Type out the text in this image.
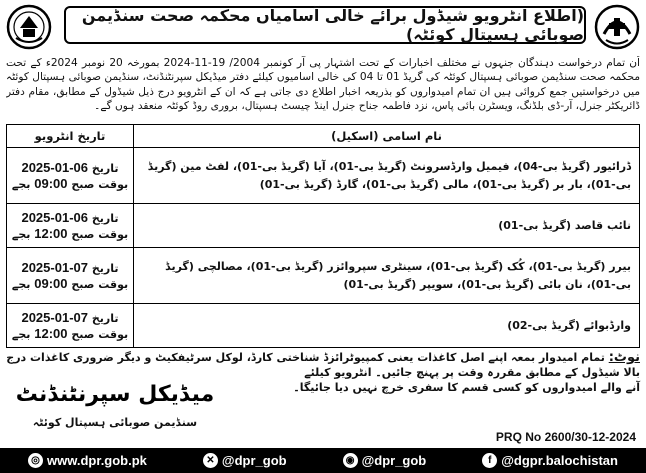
(اطلاع انٹرویو شیڈول برائے خالی آسامیاں محکمہ صحت سنڈیمن صوبائی ہسپتال کوئٹہ)
اُن تمام درخواست دہندگان جنہوں نے مختلف اخبارات کے تحت اشتہار پی آر کونمبر 2004/ 19-11-2024 بمورخہ 20 نومبر 2024ء کے تحت محکمہ صحت سنڈیمن صوبائی ہسپتال کوئٹہ کی گریڈ 01 تا 04 کی خالی اسامیوں کیلئے دفتر میڈیکل سپرنٹنڈنٹ، سنڈیمن صوبائی ہسپتال کوئٹہ میں درخواستیں جمع کروائی ہیں ان تمام امیدواروں کو بذریعہ اخبار اطلاع دی جاتی ہے کہ ان کے انٹرویو درج ذیل شیڈول کے مطابق، مقام دفتر ڈائریکٹر جنرل، آر-ڈی بلڈنگ، ویسٹرن بائی پاس، نزد فاطمہ جناح جنرل اینڈ چیسٹ ہسپتال، بروری روڈ کوئٹہ منعقد ہوں گے۔
نام اسامی (اسکیل)	تاریخ انٹرویو
ڈرائیور (گریڈ بی-04)، فیمیل وارڈسرونٹ (گریڈ بی-01)، آیا (گریڈ بی-01)، لفٹ مین (گریڈ بی-01)، بار بر (گریڈ بی-01)، مالی (گریڈ بی-01)، گارڈ (گریڈ بی-01)	تاریخ 06-01-2025
بوقت صبح 09:00 بجے

نائب قاصد (گریڈ بی-01)	تاریخ 06-01-2025
بوقت صبح 12:00 بجے

بیرر (گریڈ بی-01)، کُک (گریڈ بی-01)، سینٹری سپروائزر (گریڈ بی-01)، مصالچی (گریڈ بی-01)، نان بائی (گریڈ بی-01)، سویپر (گریڈ بی-01)	تاریخ 07-01-2025
بوقت صبح 09:00 بجے

وارڈبوائے (گریڈ بی-02)	تاریخ 07-01-2025
بوقت صبح 12:00 بجے
نوٹ: تمام امیدوار بمعہ اپنے اصل کاغذات یعنی کمپیوٹرائزڈ شناختی کارڈ، لوکل سرٹیفکیٹ و دیگر ضروری کاغذات درج بالا شیڈول کے مطابق مقررہ وقت پر پہنچ جائیں۔ انٹرویو کیلئے
آنے والے امیدواروں کو کسی قسم کا سفری خرچ نہیں دیا جائیگا۔
میڈیکل سپرنٹنڈنٹ
سنڈیمن صوبائی ہسپتال کوئٹہ
PRQ No 2600/30-12-2024
◎ www.dpr.gob.pk	✕ @dpr_gob	◉ @dpr_gob	f @dgpr.balochistan
